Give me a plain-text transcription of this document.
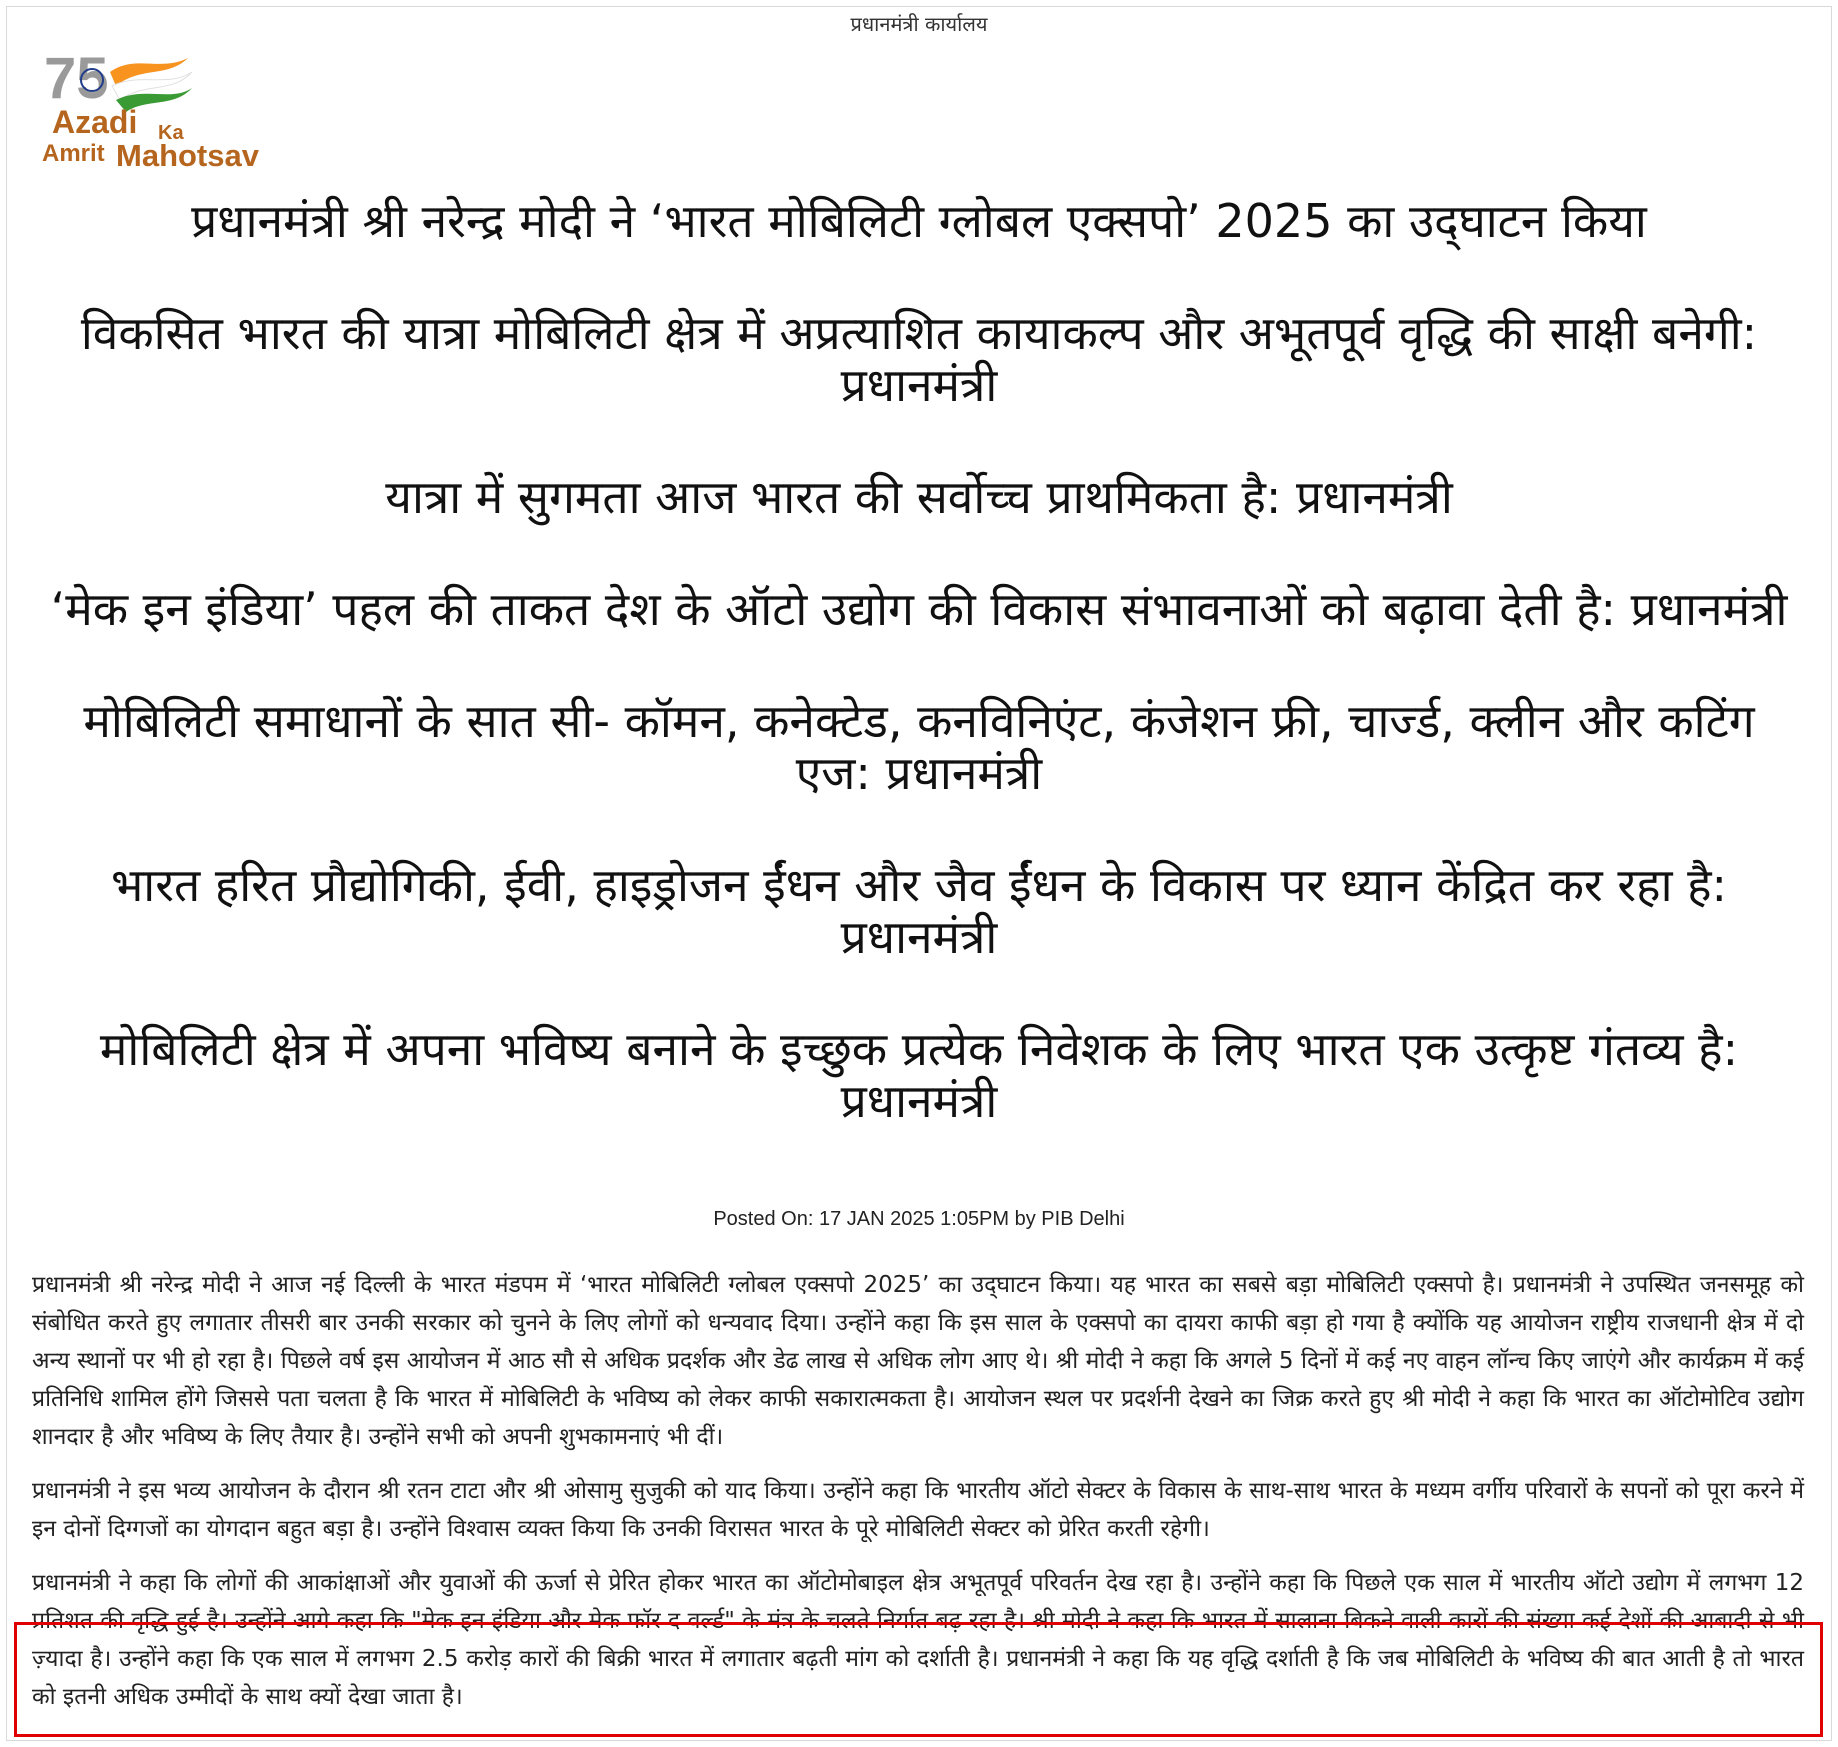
प्रधानमंत्री कार्यालय
75
Azadi Ka
Amrit Mahotsav
प्रधानमंत्री श्री नरेन्द्र मोदी ने ‘भारत मोबिलिटी ग्लोबल एक्सपो’ 2025 का उद्‌घाटन किया
विकसित भारत की यात्रा मोबिलिटी क्षेत्र में अप्रत्याशित कायाकल्प और अभूतपूर्व वृद्धि की साक्षी बनेगी: प्रधानमंत्री
यात्रा में सुगमता आज भारत की सर्वोच्च प्राथमिकता है: प्रधानमंत्री
‘मेक इन इंडिया’ पहल की ताकत देश के ऑटो उद्योग की विकास संभावनाओं को बढ़ावा देती है: प्रधानमंत्री
मोबिलिटी समाधानों के सात सी- कॉमन, कनेक्टेड, कनविनिएंट, कंजेशन फ्री, चार्ज्ड, क्लीन और कटिंग एज: प्रधानमंत्री
भारत हरित प्रौद्योगिकी, ईवी, हाइड्रोजन ईंधन और जैव ईंधन के विकास पर ध्यान केंद्रित कर रहा है: प्रधानमंत्री
मोबिलिटी क्षेत्र में अपना भविष्य बनाने के इच्छुक प्रत्येक निवेशक के लिए भारत एक उत्कृष्ट गंतव्य है: प्रधानमंत्री
Posted On: 17 JAN 2025 1:05PM by PIB Delhi

प्रधानमंत्री श्री नरेन्द्र मोदी ने आज नई दिल्ली के भारत मंडपम में ‘भारत मोबिलिटी ग्लोबल एक्सपो 2025’ का उद्‌घाटन किया। यह भारत का सबसे बड़ा मोबिलिटी एक्सपो है। प्रधानमंत्री ने उपस्थित जनसमूह को संबोधित करते हुए लगातार तीसरी बार उनकी सरकार को चुनने के लिए लोगों को धन्यवाद दिया। उन्होंने कहा कि इस साल के एक्सपो का दायरा काफी बड़ा हो गया है क्योंकि यह आयोजन राष्ट्रीय राजधानी क्षेत्र में दो अन्य स्थानों पर भी हो रहा है। पिछले वर्ष इस आयोजन में आठ सौ से अधिक प्रदर्शक और डेढ लाख से अधिक लोग आए थे। श्री मोदी ने कहा कि अगले 5 दिनों में कई नए वाहन लॉन्च किए जाएंगे और कार्यक्रम में कई प्रतिनिधि शामिल होंगे जिससे पता चलता है कि भारत में मोबिलिटी के भविष्य को लेकर काफी सकारात्मकता है। आयोजन स्थल पर प्रदर्शनी देखने का जिक्र करते हुए श्री मोदी ने कहा कि भारत का ऑटोमोटिव उद्योग शानदार है और भविष्य के लिए तैयार है। उन्होंने सभी को अपनी शुभकामनाएं भी दीं।

प्रधानमंत्री ने इस भव्य आयोजन के दौरान श्री रतन टाटा और श्री ओसामु सुजुकी को याद किया। उन्होंने कहा कि भारतीय ऑटो सेक्टर के विकास के साथ-साथ भारत के मध्यम वर्गीय परिवारों के सपनों को पूरा करने में इन दोनों दिग्गजों का योगदान बहुत बड़ा है। उन्होंने विश्वास व्यक्त किया कि उनकी विरासत भारत के पूरे मोबिलिटी सेक्टर को प्रेरित करती रहेगी।

प्रधानमंत्री ने कहा कि लोगों की आकांक्षाओं और युवाओं की ऊर्जा से प्रेरित होकर भारत का ऑटोमोबाइल क्षेत्र अभूतपूर्व परिवर्तन देख रहा है। उन्होंने कहा कि पिछले एक साल में भारतीय ऑटो उद्योग में लगभग 12 प्रतिशत की वृद्धि हुई है। उन्होंने आगे कहा कि "मेक इन इंडिया और मेक फॉर द वर्ल्ड" के मंत्र के चलते निर्यात बढ़ रहा है। श्री मोदी ने कहा कि भारत में सालाना बिकने वाली कारों की संख्या कई देशों की आबादी से भी ज़्यादा है। उन्होंने कहा कि एक साल में लगभग 2.5 करोड़ कारों की बिक्री भारत में लगातार बढ़ती मांग को दर्शाती है। प्रधानमंत्री ने कहा कि यह वृद्धि दर्शाती है कि जब मोबिलिटी के भविष्य की बात आती है तो भारत को इतनी अधिक उम्मीदों के साथ क्यों देखा जाता है।
